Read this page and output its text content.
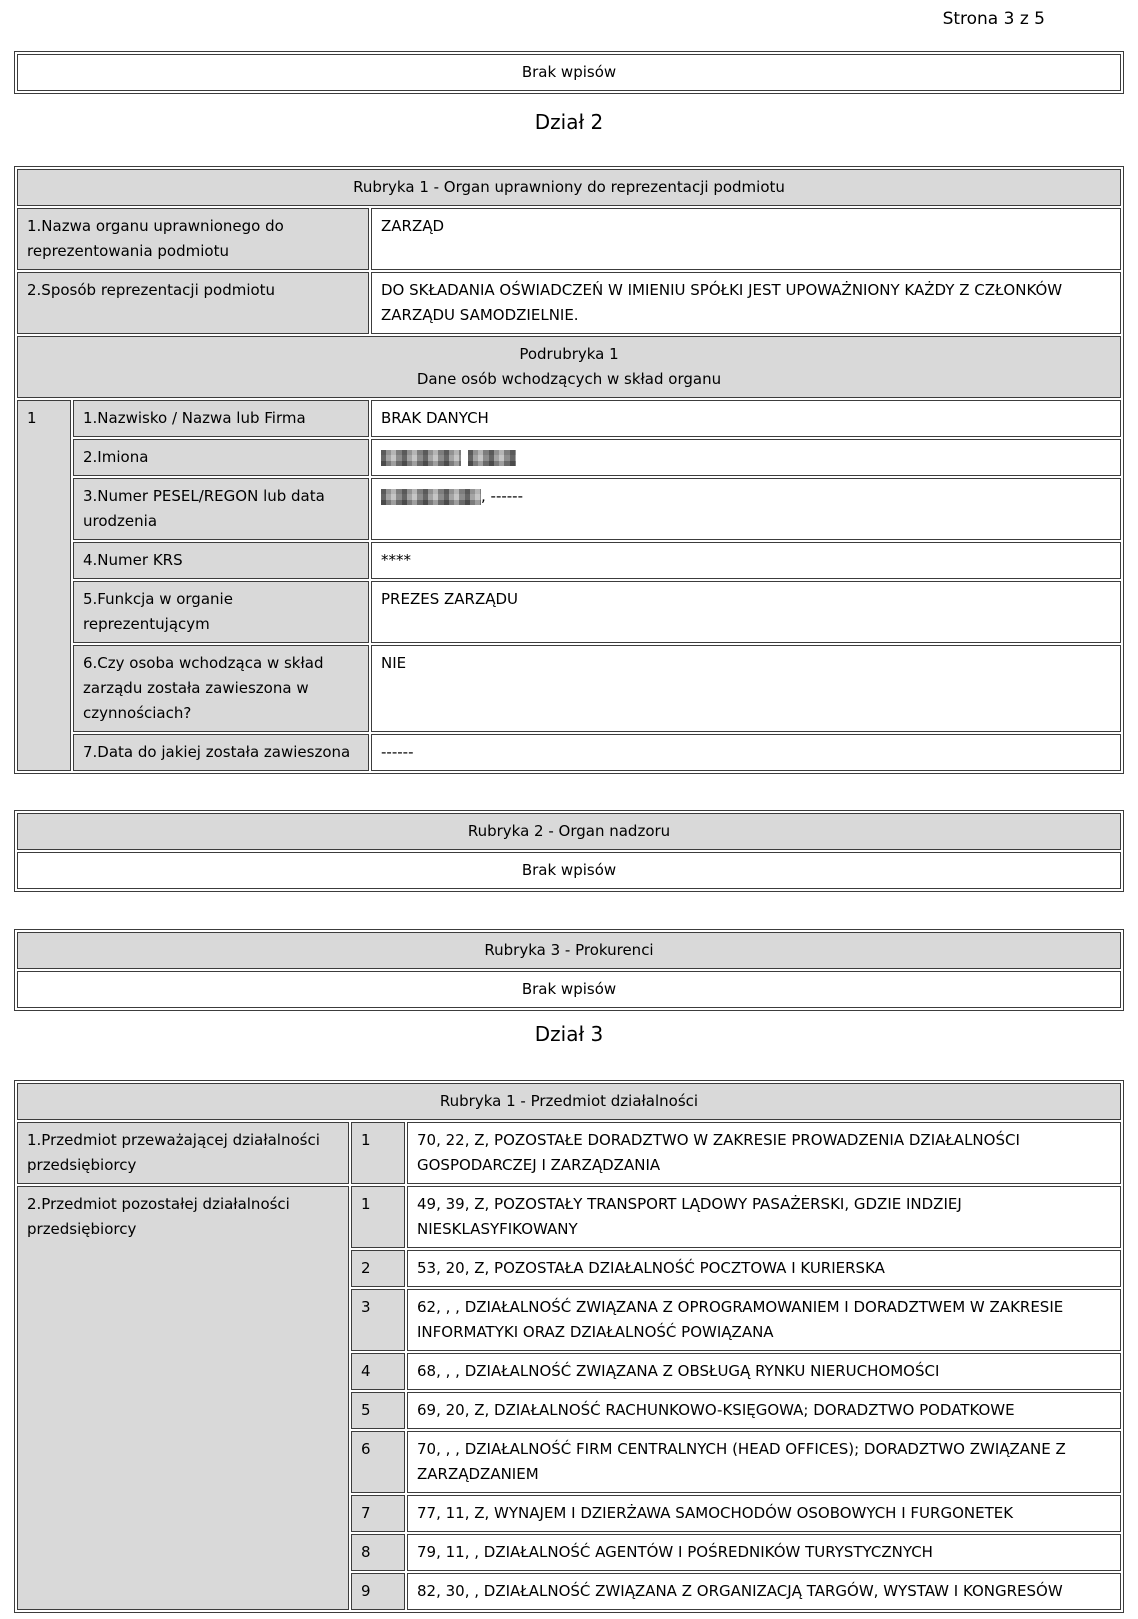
Strona 3 z 5
Brak wpisów
Dział 2
Rubryka 1 - Organ uprawniony do reprezentacji podmiotu		
1.Nazwa organu uprawnionego do reprezentowania podmiotu		ZARZĄD
2.Sposób reprezentacji podmiotu		DO SKŁADANIA OŚWIADCZEŃ W IMIENIU SPÓŁKI JEST UPOWAŻNIONY KAŻDY Z CZŁONKÓW ZARZĄDU SAMODZIELNIE.

Podrubryka 1
Dane osób wchodzących w skład organu		

1	1.Nazwisko / Nazwa lub Firma	BRAK DANYCH
	2.Imiona	
	3.Numer PESEL/REGON lub data urodzenia	, ------
	4.Numer KRS	****
	5.Funkcja w organie reprezentującym	PREZES ZARZĄDU
	6.Czy osoba wchodząca w skład zarządu została zawieszona w czynnościach?	NIE
	7.Data do jakiej została zawieszona	------
Rubryka 2 - Organ nadzoru
Brak wpisów
Rubryka 3 - Prokurenci
Brak wpisów
Dział 3
Rubryka 1 - Przedmiot działalności		
1.Przedmiot przeważającej działalności przedsiębiorcy	1	70, 22, Z, POZOSTAŁE DORADZTWO W ZAKRESIE PROWADZENIA DZIAŁALNOŚCI GOSPODARCZEJ I ZARZĄDZANIA
2.Przedmiot pozostałej działalności przedsiębiorcy	1	49, 39, Z, POZOSTAŁY TRANSPORT LĄDOWY PASAŻERSKI, GDZIE INDZIEJ NIESKLASYFIKOWANY
	2	53, 20, Z, POZOSTAŁA DZIAŁALNOŚĆ POCZTOWA I KURIERSKA
	3	62, , , DZIAŁALNOŚĆ ZWIĄZANA Z OPROGRAMOWANIEM I DORADZTWEM W ZAKRESIE INFORMATYKI ORAZ DZIAŁALNOŚĆ POWIĄZANA
	4	68, , , DZIAŁALNOŚĆ ZWIĄZANA Z OBSŁUGĄ RYNKU NIERUCHOMOŚCI
	5	69, 20, Z, DZIAŁALNOŚĆ RACHUNKOWO-KSIĘGOWA; DORADZTWO PODATKOWE
	6	70, , , DZIAŁALNOŚĆ FIRM CENTRALNYCH (HEAD OFFICES); DORADZTWO ZWIĄZANE Z ZARZĄDZANIEM
	7	77, 11, Z, WYNAJEM I DZIERŻAWA SAMOCHODÓW OSOBOWYCH I FURGONETEK
	8	79, 11, , DZIAŁALNOŚĆ AGENTÓW I POŚREDNIKÓW TURYSTYCZNYCH
	9	82, 30, , DZIAŁALNOŚĆ ZWIĄZANA Z ORGANIZACJĄ TARGÓW, WYSTAW I KONGRESÓW
